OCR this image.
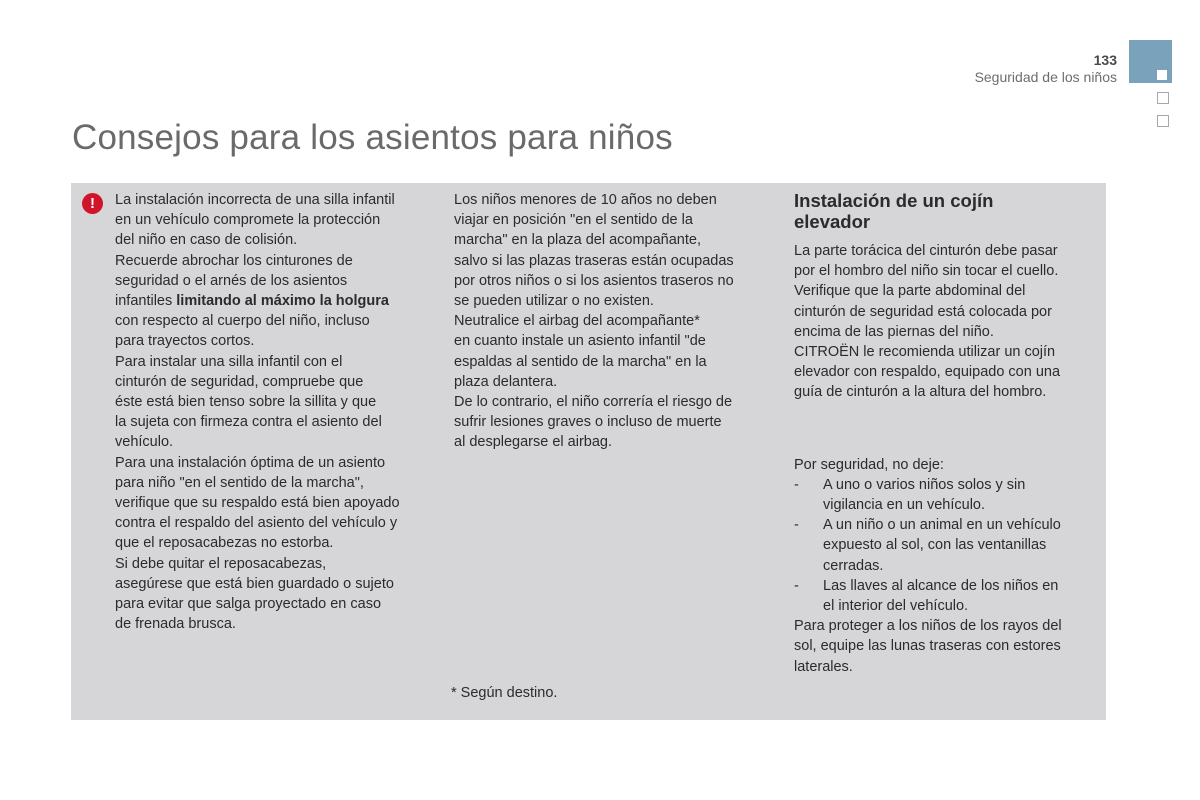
133
Seguridad de los niños
Consejos para los asientos para niños
!	La instalación incorrecta de una silla infantil

en un vehículo compromete la protección

del niño en caso de colisión.

Recuerde abrochar los cinturones de

seguridad o el arnés de los asientos

infantiles limitando al máximo la holgura

con respecto al cuerpo del niño, incluso

para trayectos cortos.

Para instalar una silla infantil con el

cinturón de seguridad, compruebe que

éste está bien tenso sobre la sillita y que

la sujeta con firmeza contra el asiento del

vehículo.

Para una instalación óptima de un asiento

para niño "en el sentido de la marcha",

verifique que su respaldo está bien apoyado

contra el respaldo del asiento del vehículo y

que el reposacabezas no estorba.

Si debe quitar el reposacabezas,

asegúrese que está bien guardado o sujeto

para evitar que salga proyectado en caso

de frenada brusca.

Los niños menores de 10 años no deben

viajar en posición "en el sentido de la

marcha" en la plaza del acompañante,

salvo si las plazas traseras están ocupadas

por otros niños o si los asientos traseros no

se pueden utilizar o no existen.

Neutralice el airbag del acompañante*

en cuanto instale un asiento infantil "de

espaldas al sentido de la marcha" en la

plaza delantera.

De lo contrario, el niño correría el riesgo de

sufrir lesiones graves o incluso de muerte

al desplegarse el airbag.

Instalación de un cojín
elevador

La parte torácica del cinturón debe pasar

por el hombro del niño sin tocar el cuello.

Verifique que la parte abdominal del

cinturón de seguridad está colocada por

encima de las piernas del niño.

CITROËN le recomienda utilizar un cojín

elevador con respaldo, equipado con una

guía de cinturón a la altura del hombro.

Por seguridad, no deje:

- A uno o varios niños solos y sin
vigilancia en un vehículo.
- A un niño o un animal en un vehículo
expuesto al sol, con las ventanillas
cerradas.
- Las llaves al alcance de los niños en
el interior del vehículo.

Para proteger a los niños de los rayos del

sol, equipe las lunas traseras con estores

laterales.

* Según destino.
